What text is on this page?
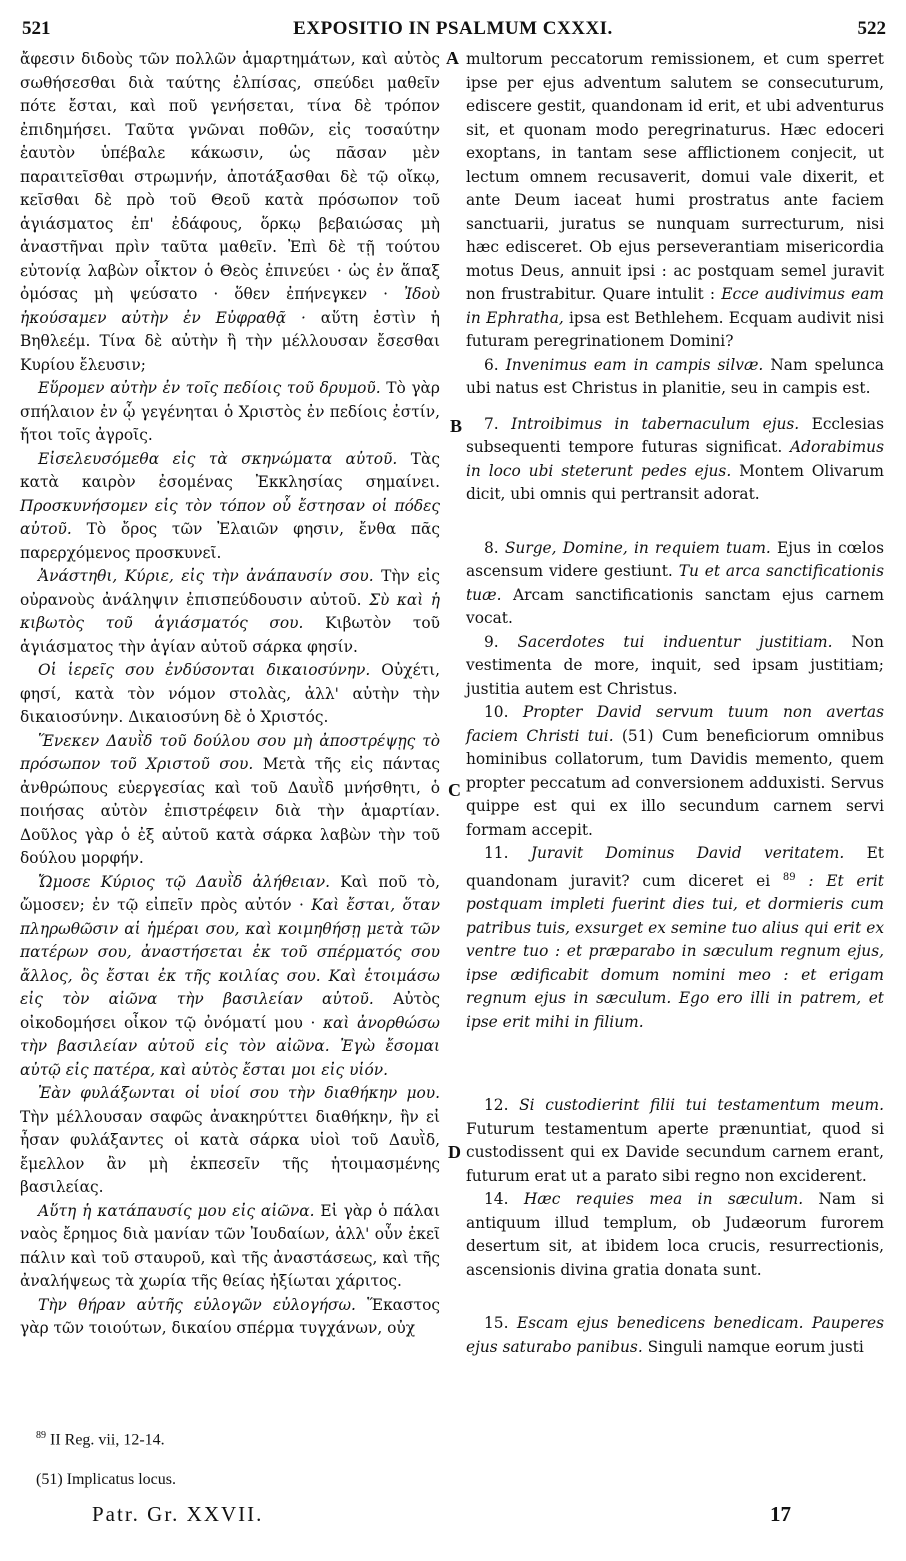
521	EXPOSITIO IN PSALMUM CXXXI.	522

ἄφεσιν διδοὺς τῶν πολλῶν ἁμαρτημάτων, καὶ αὐτὸς σωθήσεσθαι διὰ ταύτης ἐλπίσας, σπεύδει μαθεῖν πότε ἔσται, καὶ ποῦ γενήσεται, τίνα δὲ τρόπον ἐπιδημήσει. Ταῦτα γνῶναι ποθῶν, εἰς τοσαύτην ἑαυτὸν ὑπέβαλε κάκωσιν, ὡς πᾶσαν μὲν παραιτεῖσθαι στρωμνήν, ἀποτάξασθαι δὲ τῷ οἴκῳ, κεῖσθαι δὲ πρὸ τοῦ Θεοῦ κατὰ πρόσωπον τοῦ ἁγιάσματος ἐπ' ἐδάφους, ὅρκῳ βεβαιώσας μὴ ἀναστῆναι πρὶν ταῦτα μαθεῖν. Ἐπὶ δὲ τῇ τούτου εὐτονίᾳ λαβὼν οἶκτον ὁ Θεὸς ἐπινεύει · ὡς ἐν ἅπαξ ὀμόσας μὴ ψεύσατο · ὅθεν ἐπήνεγκεν · Ἰδοὺ ἠκούσαμεν αὐτὴν ἐν Εὐφραθᾷ · αὕτη ἐστὶν ἡ Βηθλεέμ. Τίνα δὲ αὐτὴν ἢ τὴν μέλλουσαν ἔσεσθαι Κυρίου ἔλευσιν;

Εὕρομεν αὐτὴν ἐν τοῖς πεδίοις τοῦ δρυμοῦ. Τὸ γὰρ σπήλαιον ἐν ᾧ γεγένηται ὁ Χριστὸς ἐν πεδίοις ἐστίν, ἤτοι τοῖς ἀγροῖς.

Εἰσελευσόμεθα εἰς τὰ σκηνώματα αὐτοῦ. Τὰς κατὰ καιρὸν ἐσομένας Ἐκκλησίας σημαίνει. Προσκυνήσομεν εἰς τὸν τόπον οὗ ἔστησαν οἱ πόδες αὐτοῦ. Τὸ ὄρος τῶν Ἐλαιῶν φησιν, ἔνθα πᾶς παρερχόμενος προσκυνεῖ.

Ἀνάστηθι, Κύριε, εἰς τὴν ἀνάπαυσίν σου. Τὴν εἰς οὐρανοὺς ἀνάληψιν ἐπισπεύδουσιν αὐτοῦ. Σὺ καὶ ἡ κιβωτὸς τοῦ ἁγιάσματός σου. Κιβωτὸν τοῦ ἁγιάσματος τὴν ἁγίαν αὐτοῦ σάρκα φησίν.

Οἱ ἱερεῖς σου ἐνδύσονται δικαιοσύνην. Οὐχέτι, φησί, κατὰ τὸν νόμον στολὰς, ἀλλ' αὐτὴν τὴν δικαιοσύνην. Δικαιοσύνη δὲ ὁ Χριστός.

Ἕνεκεν Δαυῒδ τοῦ δούλου σου μὴ ἀποστρέψῃς τὸ πρόσωπον τοῦ Χριστοῦ σου. Μετὰ τῆς εἰς πάντας ἀνθρώπους εὐεργεσίας καὶ τοῦ Δαυῒδ μνήσθητι, ὁ ποιήσας αὐτὸν ἐπιστρέφειν διὰ τὴν ἁμαρτίαν. Δοῦλος γὰρ ὁ ἐξ αὐτοῦ κατὰ σάρκα λαβὼν τὴν τοῦ δούλου μορφήν.

Ὤμοσε Κύριος τῷ Δαυῒδ ἀλήθειαν. Καὶ ποῦ τὸ, ὤμοσεν; ἐν τῷ εἰπεῖν πρὸς αὐτόν · Καὶ ἔσται, ὅταν πληρωθῶσιν αἱ ἡμέραι σου, καὶ κοιμηθήσῃ μετὰ τῶν πατέρων σου, ἀναστήσεται ἐκ τοῦ σπέρματός σου ἄλλος, ὃς ἔσται ἐκ τῆς κοιλίας σου. Καὶ ἑτοιμάσω εἰς τὸν αἰῶνα τὴν βασιλείαν αὐτοῦ. Αὐτὸς οἰκοδομήσει οἶκον τῷ ὀνόματί μου · καὶ ἀνορθώσω τὴν βασιλείαν αὐτοῦ εἰς τὸν αἰῶνα. Ἐγὼ ἔσομαι αὐτῷ εἰς πατέρα, καὶ αὐτὸς ἔσται μοι εἰς υἱόν.

Ἐὰν φυλάξωνται οἱ υἱοί σου τὴν διαθήκην μου. Τὴν μέλλουσαν σαφῶς ἀνακηρύττει διαθήκην, ἣν εἰ ἦσαν φυλάξαντες οἱ κατὰ σάρκα υἱοὶ τοῦ Δαυῒδ, ἔμελλον ἂν μὴ ἐκπεσεῖν τῆς ἡτοιμασμένης βασιλείας.

Αὕτη ἡ κατάπαυσίς μου εἰς αἰῶνα. Εἰ γὰρ ὁ πάλαι ναὸς ἔρημος διὰ μανίαν τῶν Ἰουδαίων, ἀλλ' οὖν ἐκεῖ πάλιν καὶ τοῦ σταυροῦ, καὶ τῆς ἀναστάσεως, καὶ τῆς ἀναλήψεως τὰ χωρία τῆς θείας ἠξίωται χάριτος.

Τὴν θήραν αὐτῆς εὐλογῶν εὐλογήσω. Ἕκαστος γὰρ τῶν τοιούτων, δικαίου σπέρμα τυγχάνων, οὐχ

A
B
C
D

multorum peccatorum remissionem, et cum sperret ipse per ejus adventum salutem se consecuturum, ediscere gestit, quandonam id erit, et ubi adventurus sit, et quonam modo peregrinaturus. Hæc edoceri exoptans, in tantam sese afflictionem conjecit, ut lectum omnem recusaverit, domui vale dixerit, et ante Deum iaceat humi prostratus ante faciem sanctuarii, juratus se nunquam surrecturum, nisi hæc edisceret. Ob ejus perseverantiam misericordia motus Deus, annuit ipsi : ac postquam semel juravit non frustrabitur. Quare intulit : Ecce audivimus eam in Ephratha, ipsa est Bethlehem. Ecquam audivit nisi futuram peregrinationem Domini?

6. Invenimus eam in campis silvæ. Nam spelunca ubi natus est Christus in planitie, seu in campis est.

7. Introibimus in tabernaculum ejus. Ecclesias subsequenti tempore futuras significat. Adorabimus in loco ubi steterunt pedes ejus. Montem Olivarum dicit, ubi omnis qui pertransit adorat.

8. Surge, Domine, in requiem tuam. Ejus in cœlos ascensum videre gestiunt. Tu et arca sanctificationis tuæ. Arcam sanctificationis sanctam ejus carnem vocat.

9. Sacerdotes tui induentur justitiam. Non vestimenta de more, inquit, sed ipsam justitiam; justitia autem est Christus.

10. Propter David servum tuum non avertas faciem Christi tui. (51) Cum beneficiorum omnibus hominibus collatorum, tum Davidis memento, quem propter peccatum ad conversionem adduxisti. Servus quippe est qui ex illo secundum carnem servi formam accepit.

11. Juravit Dominus David veritatem. Et quandonam juravit? cum diceret ei $^{89}$ : Et erit postquam impleti fuerint dies tui, et dormieris cum patribus tuis, exsurget ex semine tuo alius qui erit ex ventre tuo : et præparabo in sæculum regnum ejus, ipse ædificabit domum nomini meo : et erigam regnum ejus in sæculum. Ego ero illi in patrem, et ipse erit mihi in filium.

12. Si custodierint filii tui testamentum meum. Futurum testamentum aperte prænuntiat, quod si custodissent qui ex Davide secundum carnem erant, futurum erat ut a parato sibi regno non exciderent.

14. Hæc requies mea in sæculum. Nam si antiquum illud templum, ob Judæorum furorem desertum sit, at ibidem loca crucis, resurrectionis, ascensionis divina gratia donata sunt.

15. Escam ejus benedicens benedicam. Pauperes ejus saturabo panibus. Singuli namque eorum justi

$^{89}$ II Reg. vii, 12-14.

(51) Implicatus locus.

Patr. Gr. XXVII.	17
